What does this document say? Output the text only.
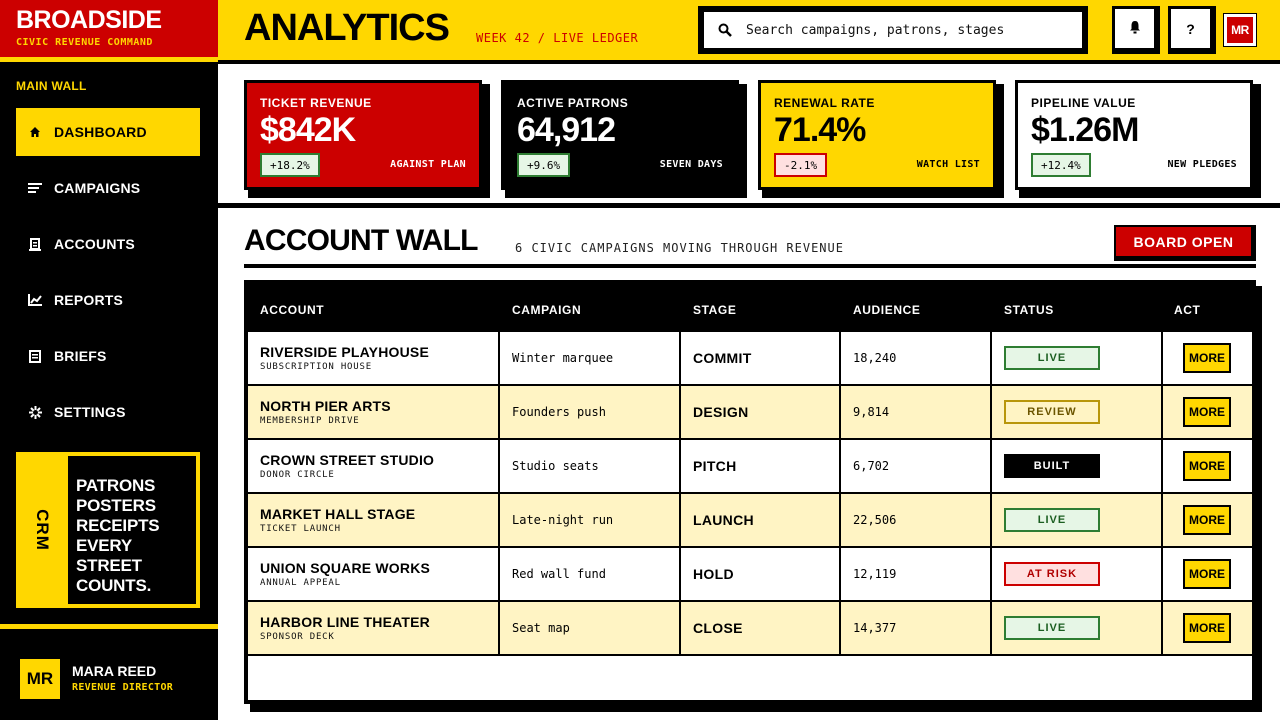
BROADSIDE
CIVIC REVENUE COMMAND
MAIN WALL
DASHBOARD
CAMPAIGNS
ACCOUNTS
REPORTS
BRIEFS
SETTINGS
CRM
PATRONS POSTERS RECEIPTS EVERY STREET COUNTS.
MR	MARA REED
REVENUE DIRECTOR
ANALYTICS WEEK 42 / LIVE LEDGER
Search campaigns, patrons, stages
?	MR
TICKET REVENUE
$842K
+18.2%	AGAINST PLAN
ACTIVE PATRONS
64,912
+9.6%	SEVEN DAYS
RENEWAL RATE
71.4%
-2.1%	WATCH LIST
PIPELINE VALUE
$1.26M
+12.4%	NEW PLEDGES
ACCOUNT WALL	6 CIVIC CAMPAIGNS MOVING THROUGH REVENUE	BOARD OPEN
ACCOUNT	CAMPAIGN	STAGE	AUDIENCE	STATUS	ACT
RIVERSIDE PLAYHOUSE
SUBSCRIPTION HOUSE
Winter marquee	COMMIT	18,240	LIVE	MORE
NORTH PIER ARTS
MEMBERSHIP DRIVE
Founders push	DESIGN	9,814	REVIEW	MORE
CROWN STREET STUDIO
DONOR CIRCLE
Studio seats	PITCH	6,702	BUILT	MORE
MARKET HALL STAGE
TICKET LAUNCH
Late-night run	LAUNCH	22,506	LIVE	MORE
UNION SQUARE WORKS
ANNUAL APPEAL
Red wall fund	HOLD	12,119	AT RISK	MORE
HARBOR LINE THEATER
SPONSOR DECK
Seat map	CLOSE	14,377	LIVE	MORE
